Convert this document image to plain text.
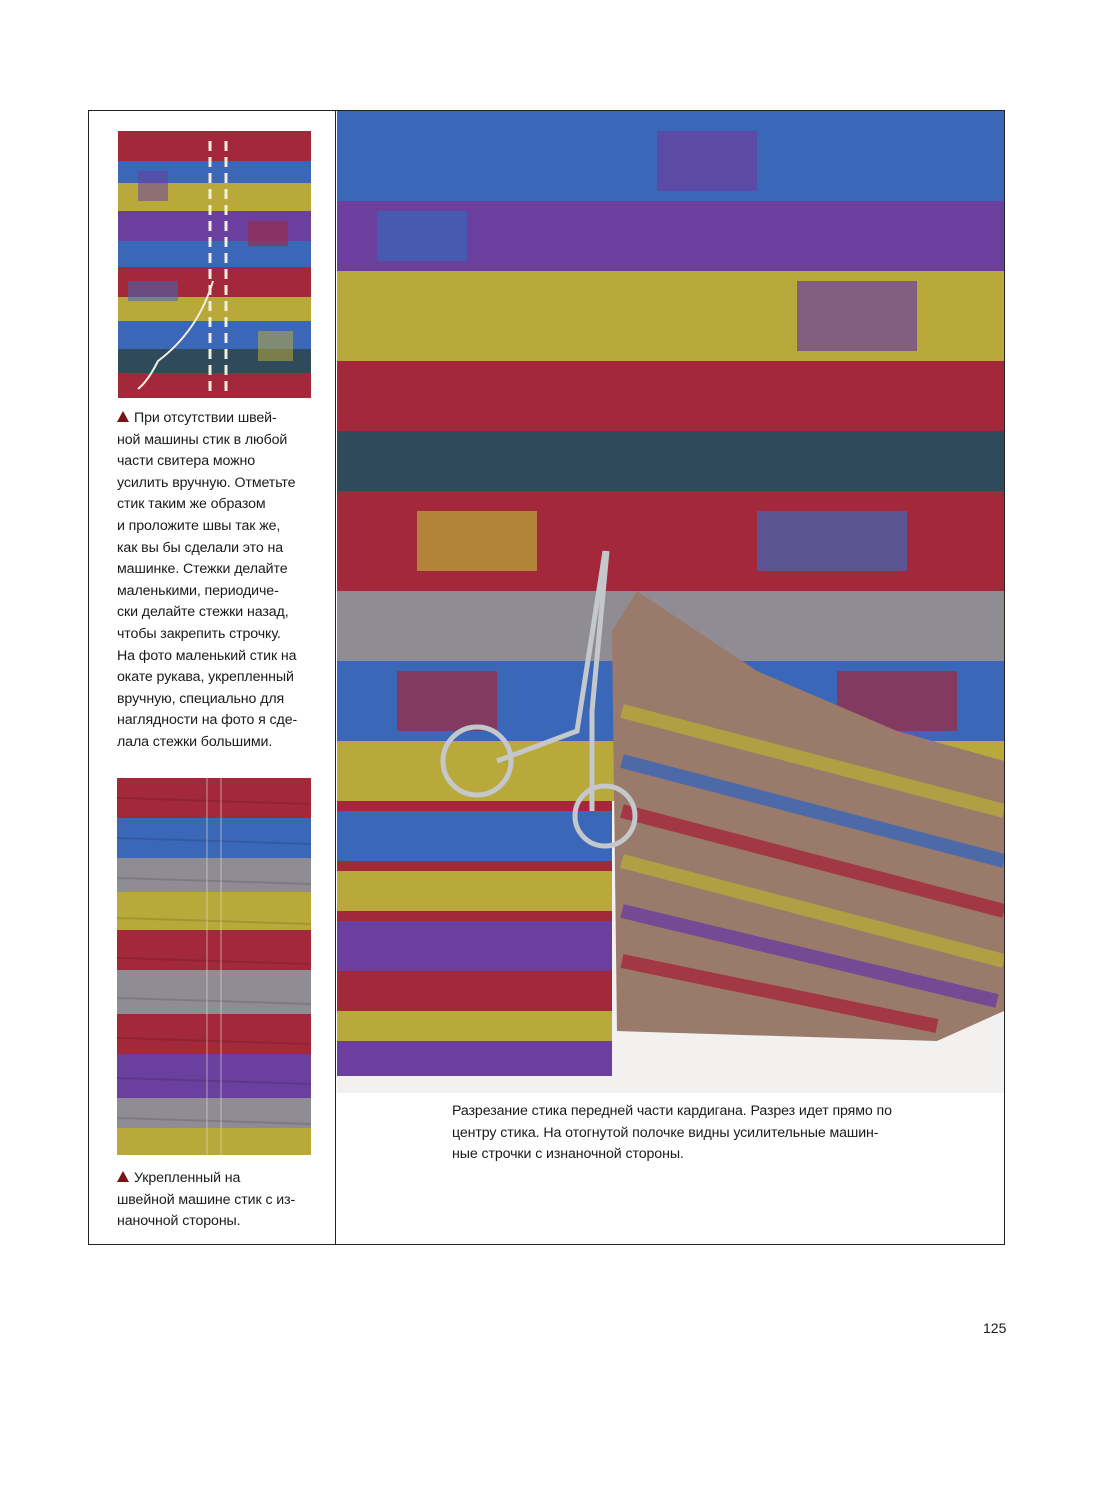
При отсутствии швей-
ной машины стик в любой
части свитера можно
усилить вручную. Отметьте
стик таким же образом
и проложите швы так же,
как вы бы сделали это на
машинке. Стежки делайте
маленькими, периодиче-
ски делайте стежки назад,
чтобы закрепить строчку.
На фото маленький стик на
окате рукава, укрепленный
вручную, специально для
наглядности на фото я сде-
лала стежки большими.
Укрепленный на
швейной машине стик с из-
наночной стороны.
Разрезание стика передней части кардигана. Разрез идет прямо по
центру стика. На отогнутой полочке видны усилительные машин-
ные строчки с изнаночной стороны.
125
